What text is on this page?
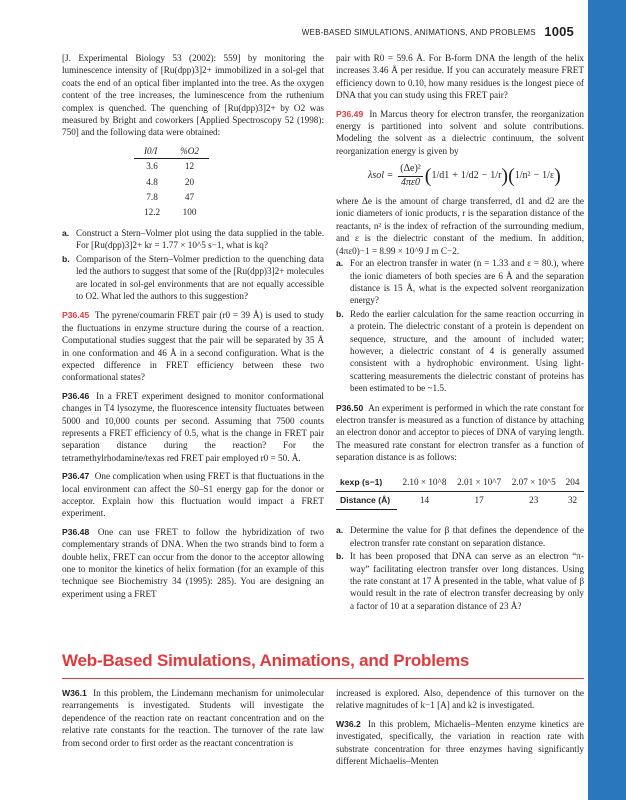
WEB-BASED SIMULATIONS, ANIMATIONS, AND PROBLEMS 1005

[J. Experimental Biology 53 (2002): 559] by monitoring the luminescence intensity of [Ru(dpp)3]2+ immobilized in a sol-gel that coats the end of an optical fiber implanted into the tree. As the oxygen content of the tree increases, the luminescence from the ruthenium complex is quenched. The quenching of [Ru(dpp)3]2+ by O2 was measured by Bright and coworkers [Applied Spectroscopy 52 (1998): 750] and the following data were obtained:

I0/I	%O2
3.6	12
4.8	20
7.8	47
12.2	100
a. Construct a Stern–Volmer plot using the data supplied in the table. For [Ru(dpp)3]2+ kr = 1.77 × 10^5 s−1, what is kq?
b. Comparison of the Stern–Volmer prediction to the quenching data led the authors to suggest that some of the [Ru(dpp)3]2+ molecules are located in sol-gel environments that are not equally accessible to O2. What led the authors to this suggestion?

P36.45 The pyrene/coumarin FRET pair (r0 = 39 Å) is used to study the fluctuations in enzyme structure during the course of a reaction. Computational studies suggest that the pair will be separated by 35 Å in one conformation and 46 Å in a second configuration. What is the expected difference in FRET efficiency between these two conformational states?

P36.46 In a FRET experiment designed to monitor conformational changes in T4 lysozyme, the fluorescence intensity fluctuates between 5000 and 10,000 counts per second. Assuming that 7500 counts represents a FRET efficiency of 0.5, what is the change in FRET pair separation distance during the reaction? For the tetramethylrhodamine/texas red FRET pair employed r0 = 50. Å.

P36.47 One complication when using FRET is that fluctuations in the local environment can affect the S0–S1 energy gap for the donor or acceptor. Explain how this fluctuation would impact a FRET experiment.

P36.48 One can use FRET to follow the hybridization of two complementary strands of DNA. When the two strands bind to form a double helix, FRET can occur from the donor to the acceptor allowing one to monitor the kinetics of helix formation (for an example of this technique see Biochemistry 34 (1995): 285). You are designing an experiment using a FRET

pair with R0 = 59.6 Å. For B-form DNA the length of the helix increases 3.46 Å per residue. If you can accurately measure FRET efficiency down to 0.10, how many residues is the longest piece of DNA that you can study using this FRET pair?

P36.49 In Marcus theory for electron transfer, the reorganization energy is partitioned into solvent and solute contributions. Modeling the solvent as a dielectric continuum, the solvent reorganization energy is given by

$\lambda sol = \frac{\text{(Δe)²}}{4\pi\varepsilon 0}$ ( 1/d1 + 1/d2 − 1/r ) ( 1/n² − 1/ε )

where Δe is the amount of charge transferred, d1 and d2 are the ionic diameters of ionic products, r is the separation distance of the reactants, n² is the index of refraction of the surrounding medium, and ε is the dielectric constant of the medium. In addition, (4πε0)−1 = 8.99 × 10^9 J m C−2.

a. For an electron transfer in water (n = 1.33 and ε = 80.), where the ionic diameters of both species are 6 Å and the separation distance is 15 Å, what is the expected solvent reorganization energy?
b. Redo the earlier calculation for the same reaction occurring in a protein. The dielectric constant of a protein is dependent on sequence, structure, and the amount of included water; however, a dielectric constant of 4 is generally assumed consistent with a hydrophobic environment. Using light-scattering measurements the dielectric constant of proteins has been estimated to be ~1.5.

P36.50 An experiment is performed in which the rate constant for electron transfer is measured as a function of distance by attaching an electron donor and acceptor to pieces of DNA of varying length. The measured rate constant for electron transfer as a function of separation distance is as follows:

kexp (s−1)	2.10 × 10^8	2.01 × 10^7	2.07 × 10^5	204
Distance (Å)	14	17	23	32
a. Determine the value for β that defines the dependence of the electron transfer rate constant on separation distance.
b. It has been proposed that DNA can serve as an electron “π-way” facilitating electron transfer over long distances. Using the rate constant at 17 Å presented in the table, what value of β would result in the rate of electron transfer decreasing by only a factor of 10 at a separation distance of 23 Å?
Web-Based Simulations, Animations, and Problems

W36.1 In this problem, the Lindemann mechanism for unimolecular rearrangements is investigated. Students will investigate the dependence of the reaction rate on reactant concentration and on the relative rate constants for the reaction. The turnover of the rate law from second order to first order as the reactant concentration is

increased is explored. Also, dependence of this turnover on the relative magnitudes of k−1 [A] and k2 is investigated.

W36.2 In this problem, Michaelis–Menten enzyme kinetics are investigated, specifically, the variation in reaction rate with substrate concentration for three enzymes having significantly different Michaelis–Menten
